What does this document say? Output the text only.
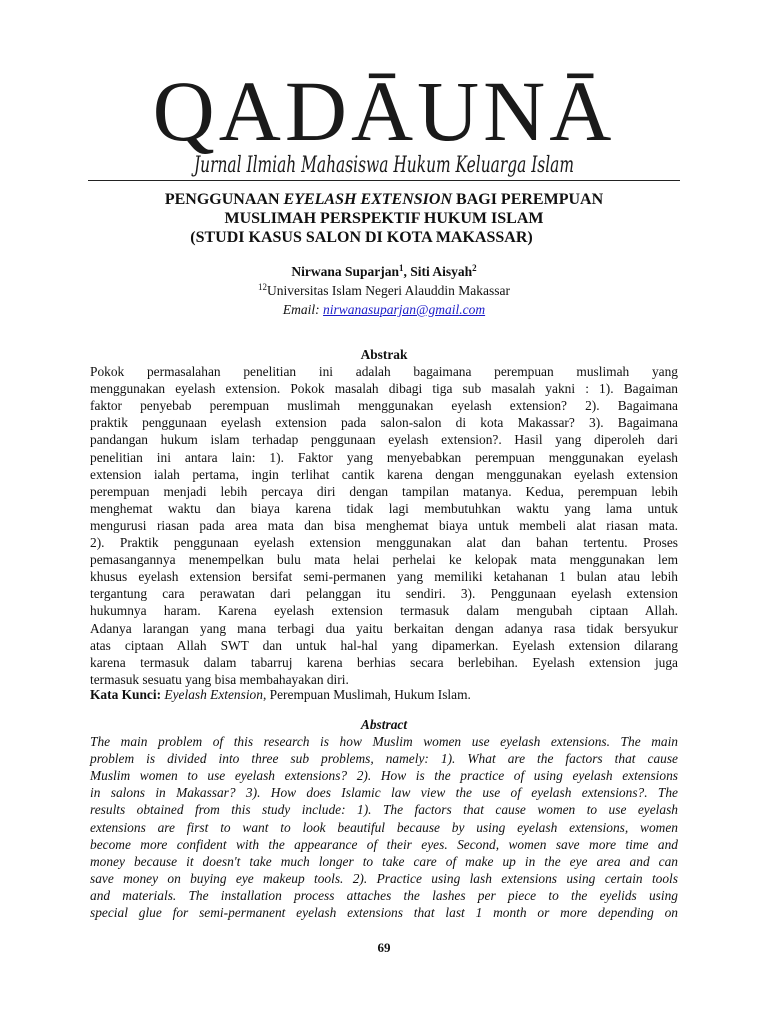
QADĀUNĀ
Jurnal Ilmiah Mahasiswa Hukum Keluarga Islam
PENGGUNAAN EYELASH EXTENSION BAGI PEREMPUAN
MUSLIMAH PERSPEKTIF HUKUM ISLAM
(STUDI KASUS SALON DI KOTA MAKASSAR)
Nirwana Suparjan$^1$, Siti Aisyah$^2$
$^{12}$Universitas Islam Negeri Alauddin Makassar
Email: nirwanasuparjan@gmail.com
Abstrak
Pokok permasalahan penelitian ini adalah bagaimana perempuan muslimah yang
menggunakan eyelash extension. Pokok masalah dibagi tiga sub masalah yakni : 1). Bagaiman
faktor penyebab perempuan muslimah menggunakan eyelash extension? 2). Bagaimana
praktik penggunaan eyelash extension pada salon-salon di kota Makassar? 3). Bagaimana
pandangan hukum islam terhadap penggunaan eyelash extension?. Hasil yang diperoleh dari
penelitian ini antara lain: 1). Faktor yang menyebabkan perempuan menggunakan eyelash
extension ialah pertama, ingin terlihat cantik karena dengan menggunakan eyelash extension
perempuan menjadi lebih percaya diri dengan tampilan matanya. Kedua, perempuan lebih
menghemat waktu dan biaya karena tidak lagi membutuhkan waktu yang lama untuk
mengurusi riasan pada area mata dan bisa menghemat biaya untuk membeli alat riasan mata.
2). Praktik penggunaan eyelash extension menggunakan alat dan bahan tertentu. Proses
pemasangannya menempelkan bulu mata helai perhelai ke kelopak mata menggunakan lem
khusus eyelash extension bersifat semi-permanen yang memiliki ketahanan 1 bulan atau lebih
tergantung cara perawatan dari pelanggan itu sendiri. 3). Penggunaan eyelash extension
hukumnya haram. Karena eyelash extension termasuk dalam mengubah ciptaan Allah.
Adanya larangan yang mana terbagi dua yaitu berkaitan dengan adanya rasa tidak bersyukur
atas ciptaan Allah SWT dan untuk hal-hal yang dipamerkan. Eyelash extension dilarang
karena termasuk dalam tabarruj karena berhias secara berlebihan. Eyelash extension juga
termasuk sesuatu yang bisa membahayakan diri.
Kata Kunci: Eyelash Extension, Perempuan Muslimah, Hukum Islam.
Abstract
The main problem of this research is how Muslim women use eyelash extensions. The main
problem is divided into three sub problems, namely: 1). What are the factors that cause
Muslim women to use eyelash extensions? 2). How is the practice of using eyelash extensions
in salons in Makassar? 3). How does Islamic law view the use of eyelash extensions?. The
results obtained from this study include: 1). The factors that cause women to use eyelash
extensions are first to want to look beautiful because by using eyelash extensions, women
become more confident with the appearance of their eyes. Second, women save more time and
money because it doesn't take much longer to take care of make up in the eye area and can
save money on buying eye makeup tools. 2). Practice using lash extensions using certain tools
and materials. The installation process attaches the lashes per piece to the eyelids using
special glue for semi-permanent eyelash extensions that last 1 month or more depending on
69
